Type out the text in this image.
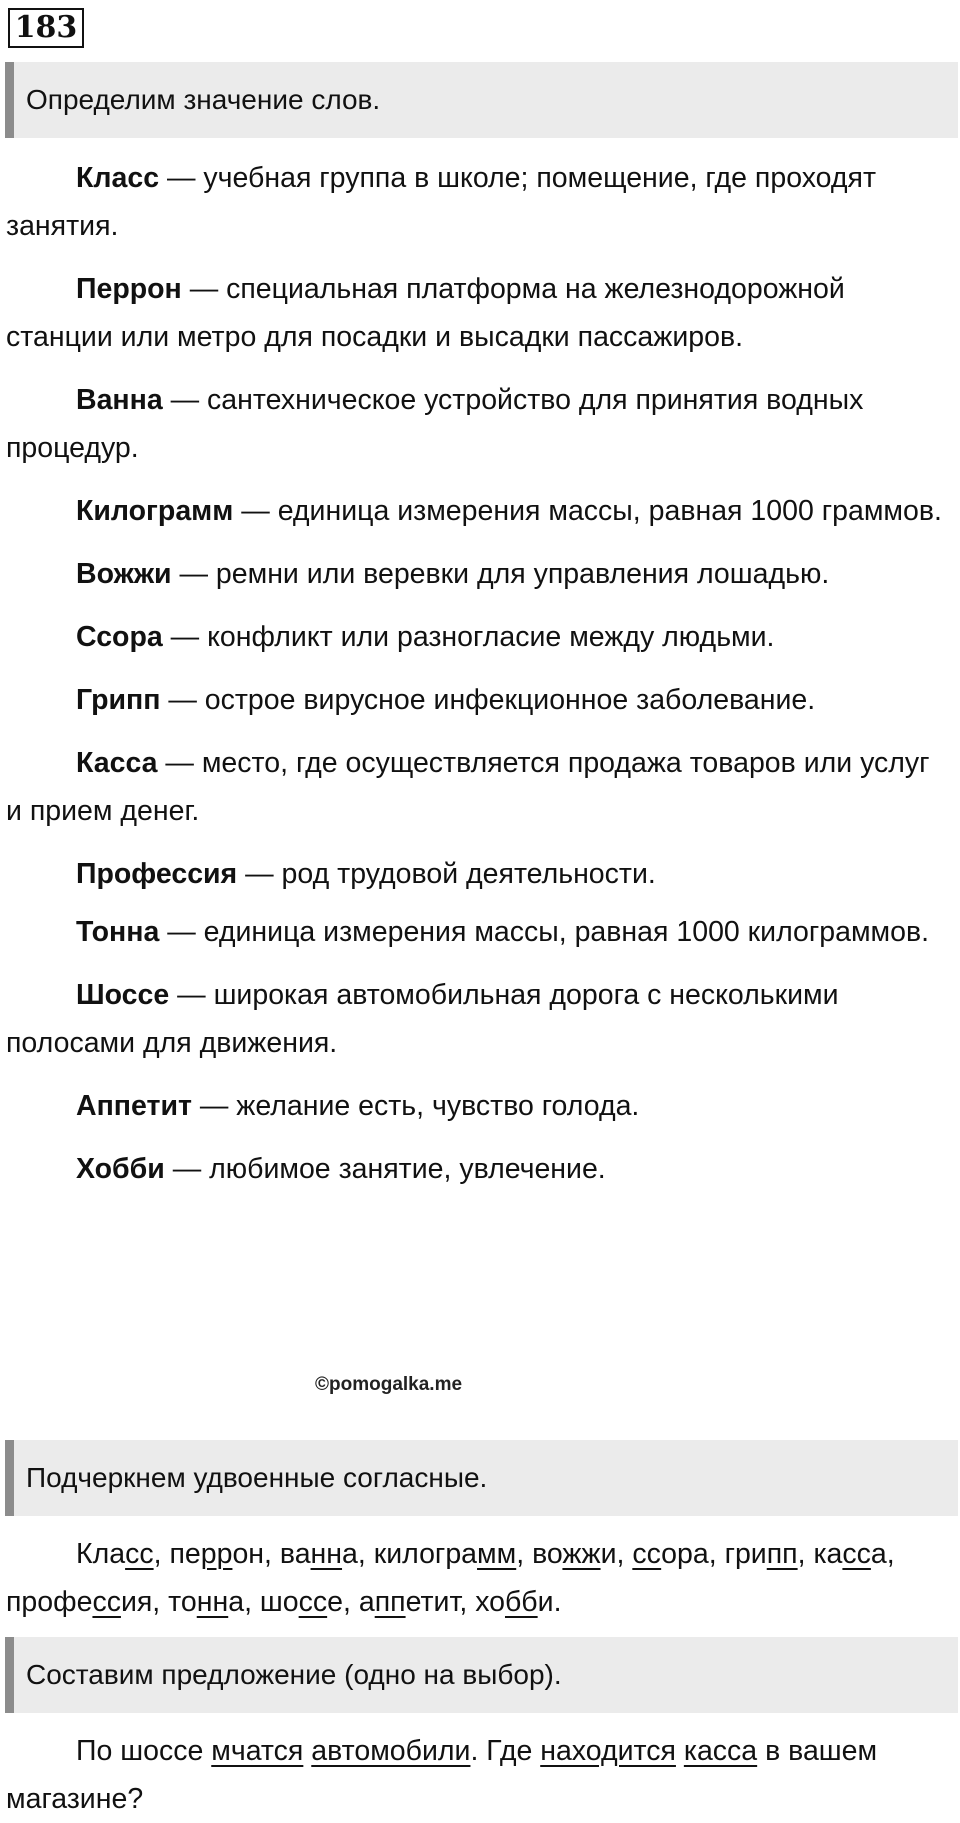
183
Определим значение слов.

Класс — учебная группа в школе; помещение, где проходят занятия.

Перрон — специальная платформа на железнодорожной станции или метро для посадки и высадки пассажиров.

Ванна — сантехническое устройство для принятия водных процедур.

Килограмм — единица измерения массы, равная 1000 граммов.

Вожжи — ремни или веревки для управления лошадью.

Ссора — конфликт или разногласие между людьми.

Грипп — острое вирусное инфекционное заболевание.

Касса — место, где осуществляется продажа товаров или услуг и прием денег.

Профессия — род трудовой деятельности.

Тонна — единица измерения массы, равная 1000 килограммов.

Шоссе — широкая автомобильная дорога с несколькими полосами для движения.

Аппетит — желание есть, чувство голода.

Хобби — любимое занятие, увлечение.

©pomogalka.me
Подчеркнем удвоенные согласные.

Класс, перрон, ванна, килограмм, вожжи, ссора, грипп, касса, профессия, тонна, шоссе, аппетит, хобби.

Составим предложение (одно на выбор).

По шоссе мчатся автомобили. Где находится касса в вашем магазине?
